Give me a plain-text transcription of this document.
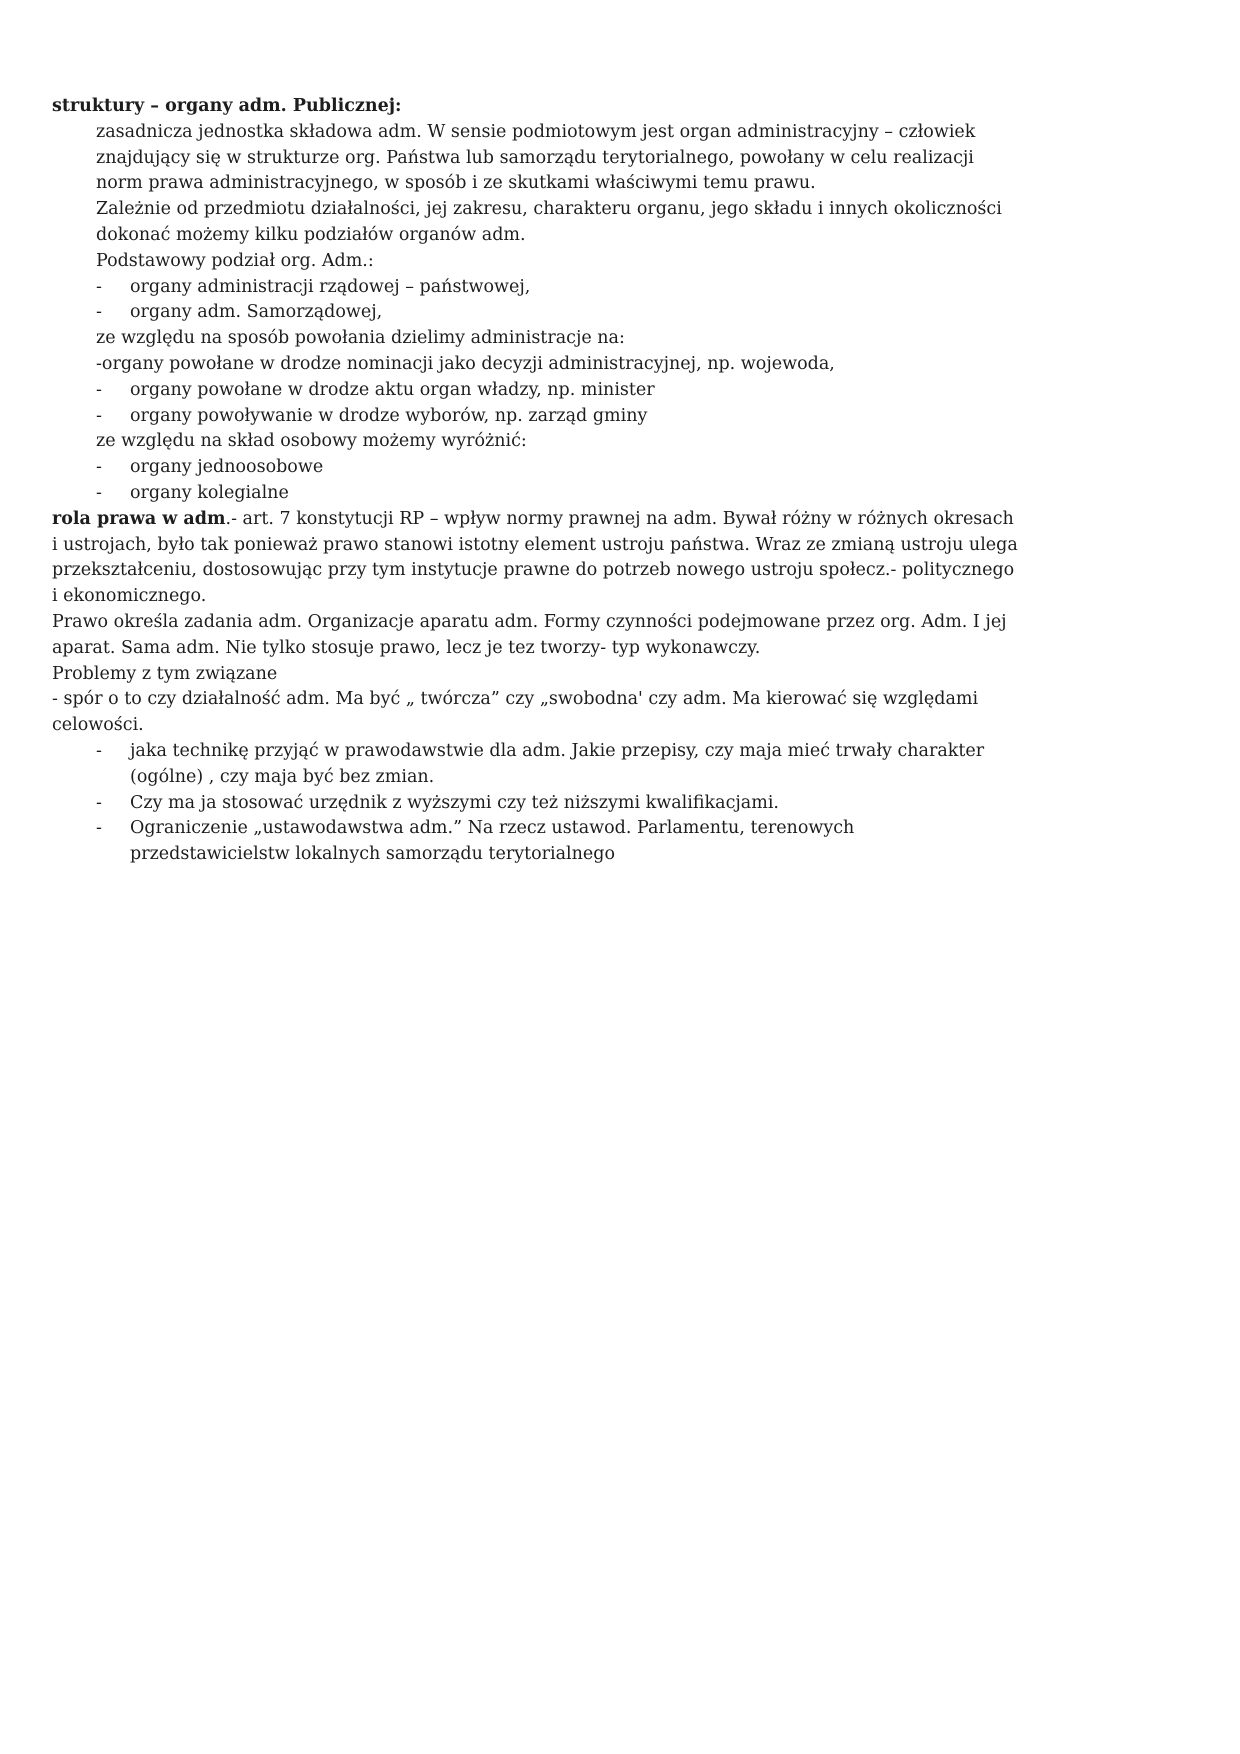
struktury – organy adm. Publicznej:

zasadnicza jednostka składowa adm. W sensie podmiotowym jest organ administracyjny – człowiek znajdujący się w strukturze org. Państwa lub samorządu terytorialnego, powołany w celu realizacji norm prawa administracyjnego, w sposób i ze skutkami właściwymi temu prawu.

Zależnie od przedmiotu działalności, jej zakresu, charakteru organu, jego składu i innych okoliczności dokonać możemy kilku podziałów organów adm.

Podstawowy podział org. Adm.:

-	organy administracji rządowej – państwowej,
-	organy adm. Samorządowej,

ze względu na sposób powołania dzielimy administracje na:

-organy powołane w drodze nominacji jako decyzji administracyjnej, np. wojewoda,

-	organy powołane w drodze aktu organ władzy, np. minister
-	organy powoływanie w drodze wyborów, np. zarząd gminy

ze względu na skład osobowy możemy wyróżnić:

-	organy jednoosobowe
-	organy kolegialne

rola prawa w adm.- art. 7 konstytucji RP – wpływ normy prawnej na adm. Bywał różny w różnych okresach i ustrojach, było tak ponieważ prawo stanowi istotny element ustroju państwa. Wraz ze zmianą ustroju ulega przekształceniu, dostosowując przy tym instytucje prawne do potrzeb nowego ustroju społecz.- politycznego i ekonomicznego.

Prawo określa zadania adm. Organizacje aparatu adm. Formy czynności podejmowane przez org. Adm. I jej aparat. Sama adm. Nie tylko stosuje prawo, lecz je tez tworzy- typ wykonawczy.

Problemy z tym związane

- spór o to czy działalność adm. Ma być „ twórcza” czy „swobodna' czy adm. Ma kierować się względami celowości.

-	jaka technikę przyjąć w prawodawstwie dla adm. Jakie przepisy, czy maja mieć trwały charakter (ogólne) , czy maja być bez zmian.
-	Czy ma ja stosować urzędnik z wyższymi czy też niższymi kwalifikacjami.
-	Ograniczenie „ustawodawstwa adm.” Na rzecz ustawod. Parlamentu, terenowych przedstawicielstw lokalnych samorządu terytorialnego
